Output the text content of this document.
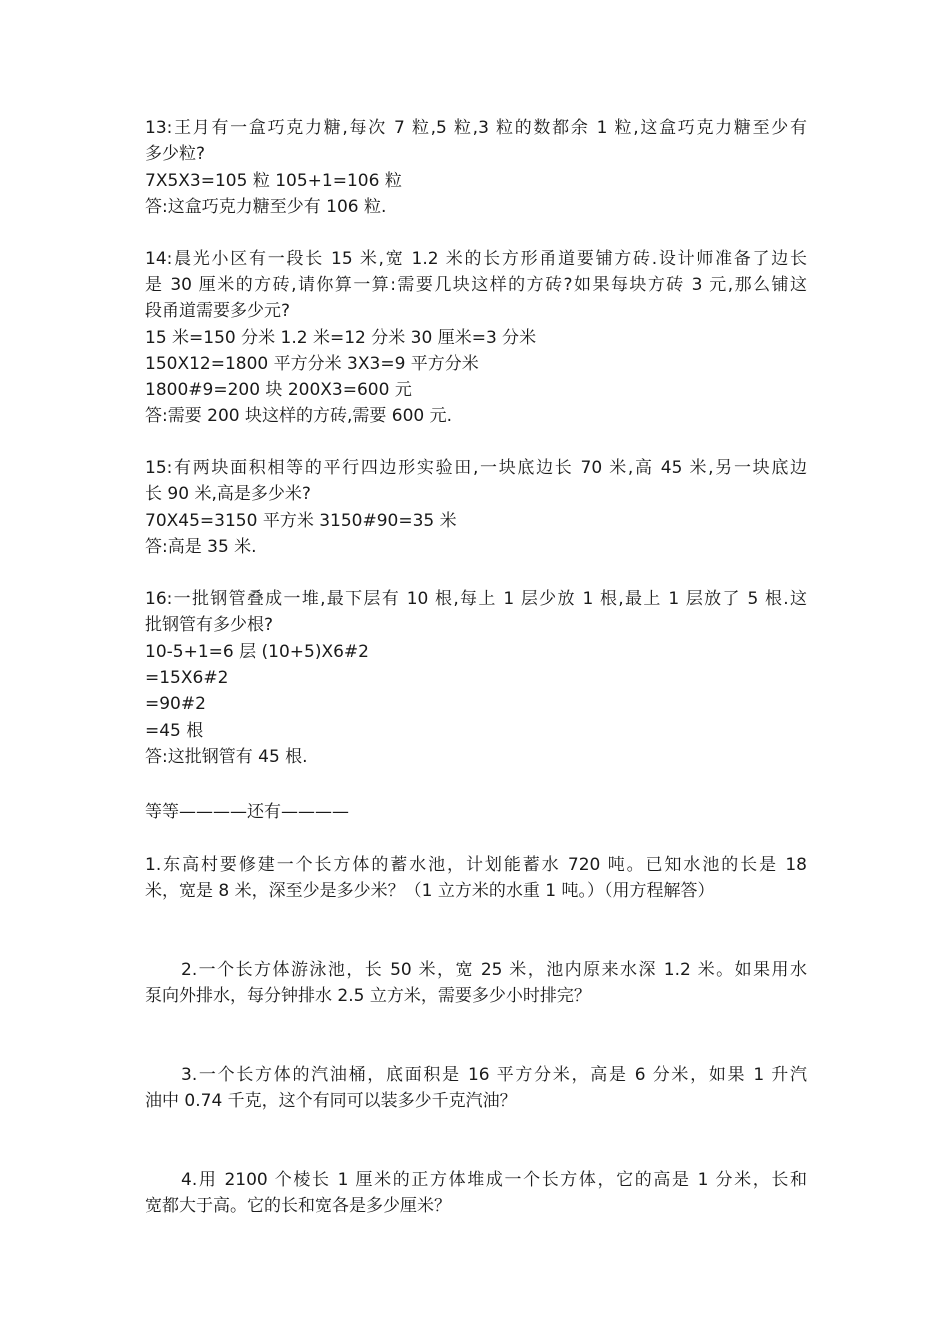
13:王月有一盒巧克力糖,每次 7 粒,5 粒,3 粒的数都余 1 粒,这盒巧克力糖至少有
多少粒?
7X5X3=105 粒 105+1=106 粒
答:这盒巧克力糖至少有 106 粒.
14:晨光小区有一段长 15 米,宽 1.2 米的长方形甬道要铺方砖.设计师准备了边长
是 30 厘米的方砖,请你算一算:需要几块这样的方砖?如果每块方砖 3 元,那么铺这
段甬道需要多少元?
15 米=150 分米 1.2 米=12 分米 30 厘米=3 分米
150X12=1800 平方分米 3X3=9 平方分米
1800#9=200 块 200X3=600 元
答:需要 200 块这样的方砖,需要 600 元.
15:有两块面积相等的平行四边形实验田,一块底边长 70 米,高 45 米,另一块底边
长 90 米,高是多少米?
70X45=3150 平方米 3150#90=35 米
答:高是 35 米.
16:一批钢管叠成一堆,最下层有 10 根,每上 1 层少放 1 根,最上 1 层放了 5 根.这
批钢管有多少根?
10-5+1=6 层 (10+5)X6#2
=15X6#2
=90#2
=45 根
答:这批钢管有 45 根.
等等————还有————
1.东高村要修建一个长方体的蓄水池，计划能蓄水 720 吨。已知水池的长是 18
米，宽是 8 米，深至少是多少米？（1 立方米的水重 1 吨。）（用方程解答）
2.一个长方体游泳池，长 50 米，宽 25 米，池内原来水深 1.2 米。如果用水
泵向外排水，每分钟排水 2.5 立方米，需要多少小时排完？
3.一个长方体的汽油桶，底面积是 16 平方分米，高是 6 分米，如果 1 升汽
油中 0.74 千克，这个有同可以装多少千克汽油？
4.用 2100 个棱长 1 厘米的正方体堆成一个长方体，它的高是 1 分米，长和
宽都大于高。它的长和宽各是多少厘米？
